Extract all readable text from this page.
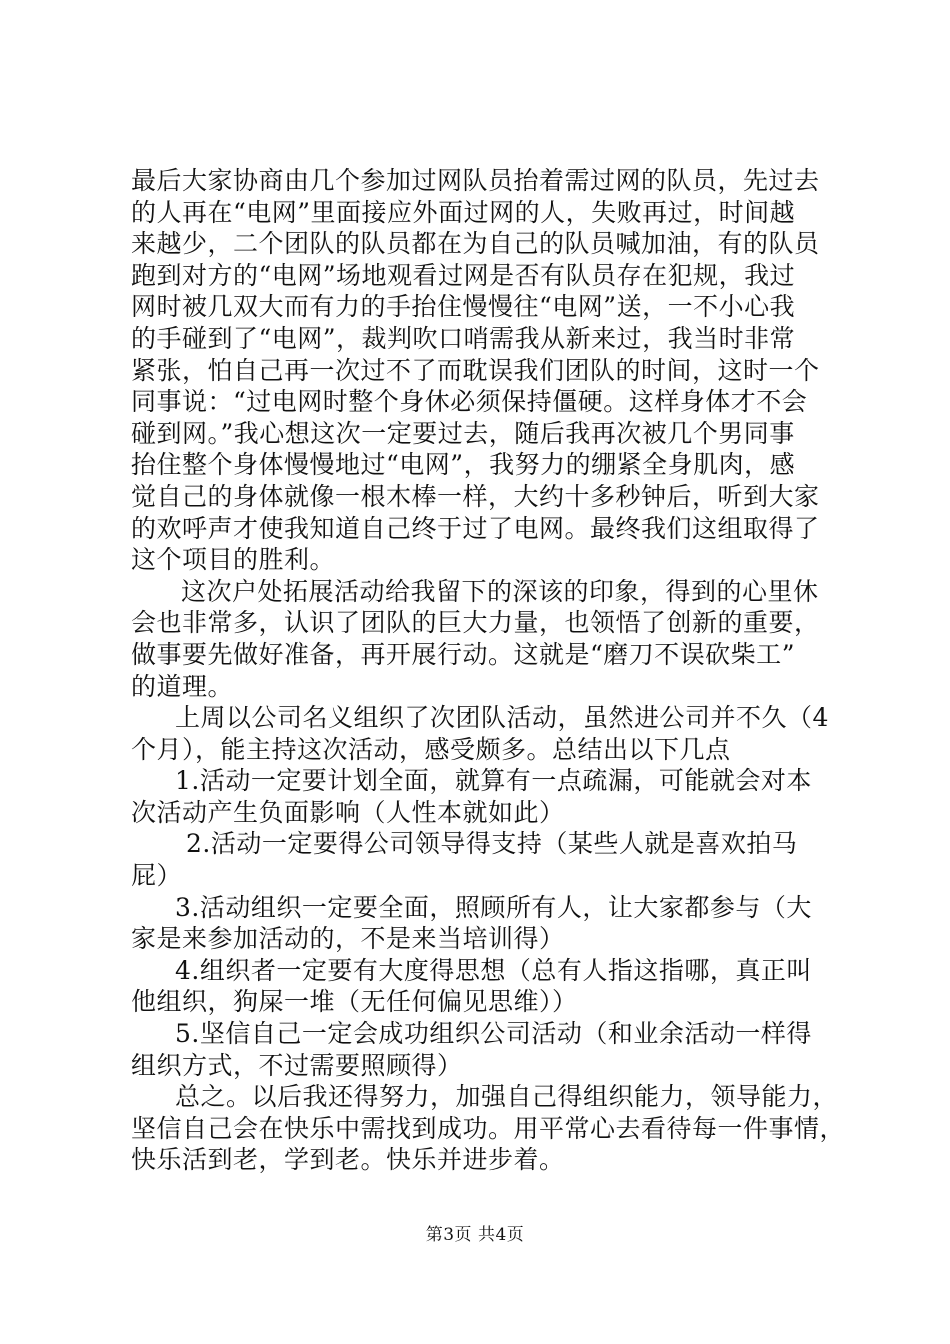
最后大家协商由几个参加过网队员抬着需过网的队员，先过去
的人再在“电网”里面接应外面过网的人，失败再过，时间越
来越少，二个团队的队员都在为自己的队员喊加油，有的队员
跑到对方的“电网”场地观看过网是否有队员存在犯规，我过
网时被几双大而有力的手抬住慢慢往“电网”送，一不小心我
的手碰到了“电网”，裁判吹口哨需我从新来过，我当时非常
紧张，怕自己再一次过不了而耽误我们团队的时间，这时一个
同事说：“过电网时整个身休必须保持僵硬。这样身体才不会
碰到网。”我心想这次一定要过去，随后我再次被几个男同事
抬住整个身体慢慢地过“电网”，我努力的绷紧全身肌肉，感
觉自己的身体就像一根木棒一样，大约十多秒钟后，听到大家
的欢呼声才使我知道自己终于过了电网。最终我们这组取得了
这个项目的胜利。
这次户处拓展活动给我留下的深该的印象，得到的心里休
会也非常多，认识了团队的巨大力量，也领悟了创新的重要，
做事要先做好准备，再开展行动。这就是“磨刀不误砍柴工”
的道理。
上周以公司名义组织了次团队活动，虽然进公司并不久（4
个月），能主持这次活动，感受颇多。总结出以下几点
1.活动一定要计划全面，就算有一点疏漏，可能就会对本
次活动产生负面影响（人性本就如此）
2.活动一定要得公司领导得支持（某些人就是喜欢拍马
屁）
3.活动组织一定要全面，照顾所有人，让大家都参与（大
家是来参加活动的，不是来当培训得）
4.组织者一定要有大度得思想（总有人指这指哪，真正叫
他组织，狗屎一堆（无任何偏见思维））
5.坚信自己一定会成功组织公司活动（和业余活动一样得
组织方式，不过需要照顾得）
总之。以后我还得努力，加强自己得组织能力，领导能力，
坚信自己会在快乐中需找到成功。用平常心去看待每一件事情，
快乐活到老，学到老。快乐并进步着。
第3页 共4页
